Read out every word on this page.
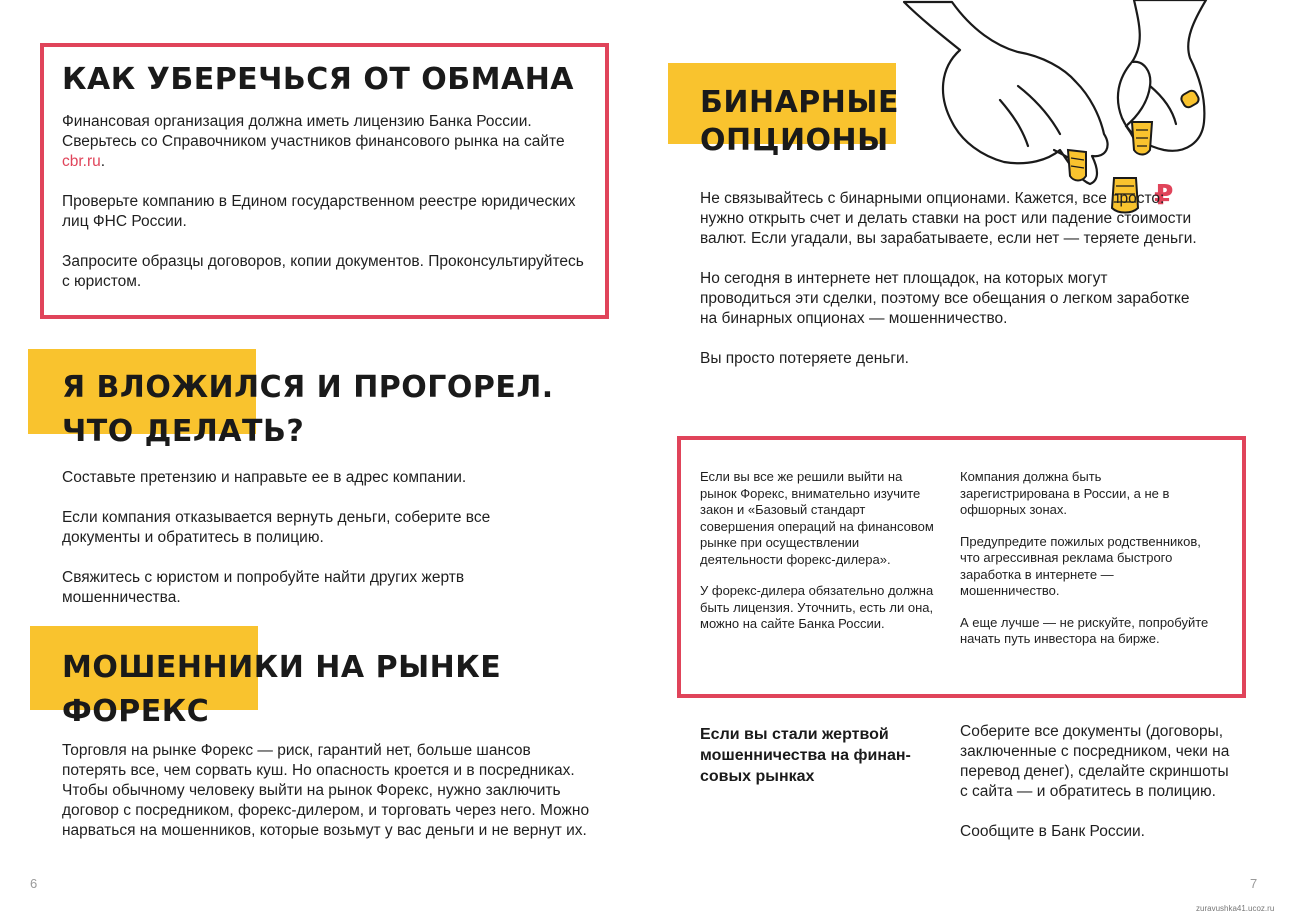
КАК УБЕРЕЧЬСЯ ОТ ОБМАНА

Финансовая организация должна иметь лицензию Банка России. Сверьтесь со Справочником участников финансового рынка на сайте cbr.ru.

Проверьте компанию в Едином государственном реестре юридических лиц ФНС России.

Запросите образцы договоров, копии документов. Проконсультируйтесь с юристом.

Я ВЛОЖИЛСЯ И ПРОГОРЕЛ.
ЧТО ДЕЛАТЬ?

Составьте претензию и направьте ее в адрес компании.

Если компания отказывается вернуть деньги, соберите все документы и обратитесь в полицию.

Свяжитесь с юристом и попробуйте найти других жертв мошенничества.

МОШЕННИКИ НА РЫНКЕ
ФОРЕКС

Торговля на рынке Форекс — риск, гарантий нет, больше шансов потерять все, чем сорвать куш. Но опасность кроется и в посредниках. Чтобы обычному человеку выйти на рынок Форекс, нужно заключить договор с посредником, форекс-дилером, и торговать через него. Можно нарваться на мошенников, которые возьмут у вас деньги и не вернут их.

6
БИНАРНЫЕ
ОПЦИОНЫ
₽

Не связывайтесь с бинарными опционами. Кажется, все просто: нужно открыть счет и делать ставки на рост или падение стоимости валют. Если угадали, вы зарабатываете, если нет — теряете деньги.

Но сегодня в интернете нет площадок, на которых могут проводиться эти сделки, поэтому все обещания о легком заработке на бинарных опционах — мошенничество.

Вы просто потеряете деньги.

Если вы все же решили выйти на рынок Форекс, внимательно изучите закон и «Базовый стандарт совершения операций на финансовом рынке при осуществлении деятельности форекс-дилера».

У форекс-дилера обязательно должна быть лицензия. Уточнить, есть ли она, можно на сайте Банка России.

Компания должна быть зарегистрирована в России, а не в офшорных зонах.

Предупредите пожилых родственников, что агрессивная реклама быстрого заработка в интернете — мошенничество.

А еще лучше — не рискуйте, попробуйте начать путь инвестора на бирже.

Если вы стали жертвой мошенничества на финансовых рынках

Соберите все документы (договоры, заключенные с посредником, чеки на перевод денег), сделайте скриншоты с сайта — и обратитесь в полицию.

Сообщите в Банк России.

7
zuravushka41.ucoz.ru
